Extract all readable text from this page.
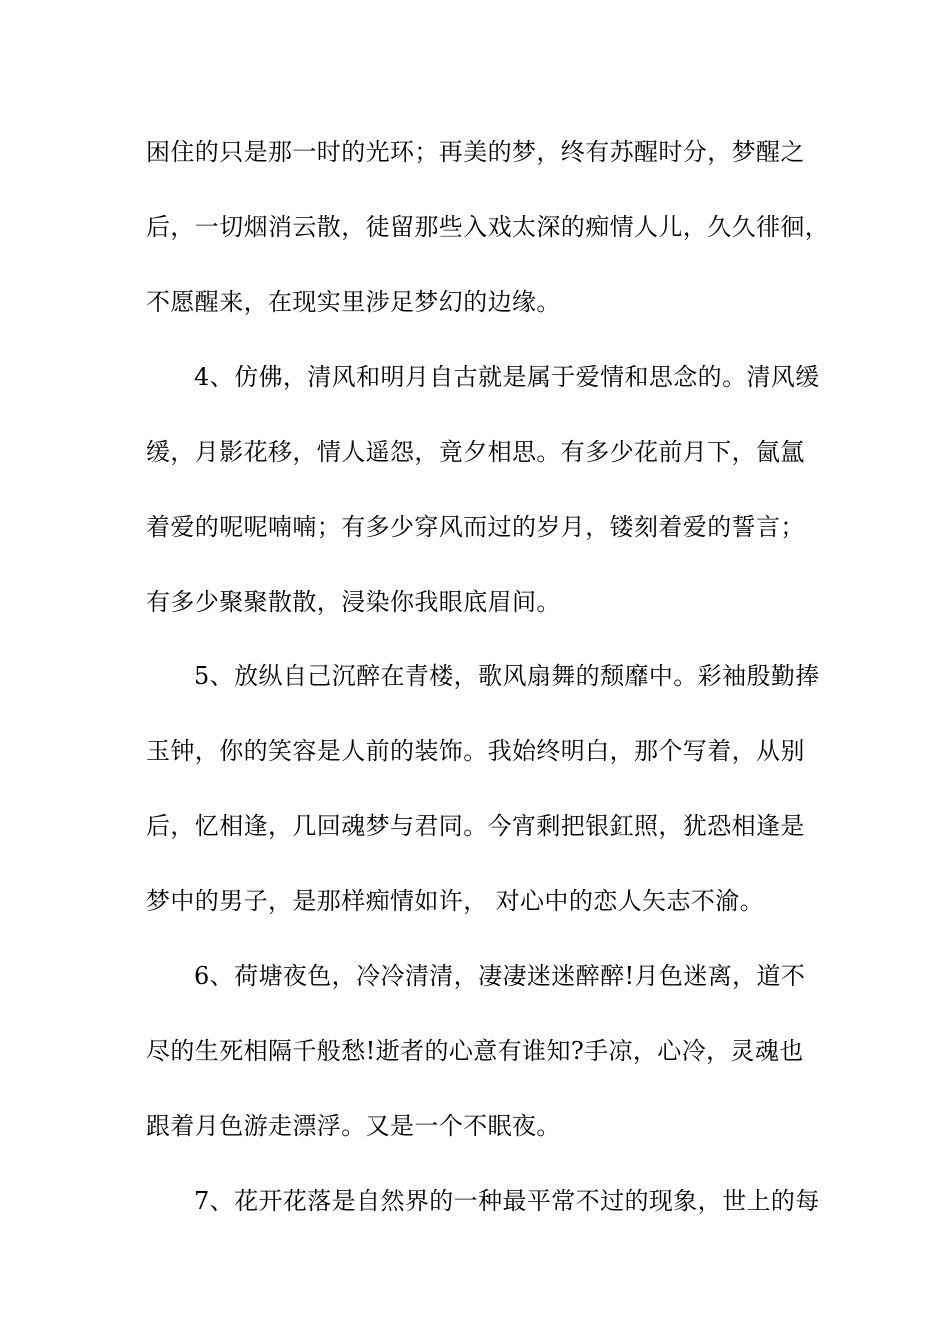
困住的只是那一时的光环；再美的梦，终有苏醒时分，梦醒之
后，一切烟消云散，徒留那些入戏太深的痴情人儿，久久徘徊，
不愿醒来，在现实里涉足梦幻的边缘。
4、仿佛，清风和明月自古就是属于爱情和思念的。清风缓
缓，月影花移，情人遥怨，竟夕相思。有多少花前月下，氤氲
着爱的呢呢喃喃；有多少穿风而过的岁月，镂刻着爱的誓言；
有多少聚聚散散，浸染你我眼底眉间。
5、放纵自己沉醉在青楼，歌风扇舞的颓靡中。彩袖殷勤捧
玉钟，你的笑容是人前的装饰。我始终明白，那个写着，从别
后，忆相逢，几回魂梦与君同。今宵剩把银釭照，犹恐相逢是
梦中的男子，是那样痴情如许， 对心中的恋人矢志不渝。
6、荷塘夜色，冷冷清清，凄凄迷迷醉醉!月色迷离，道不
尽的生死相隔千般愁!逝者的心意有谁知?手凉，心冷，灵魂也
跟着月色游走漂浮。又是一个不眠夜。
7、花开花落是自然界的一种最平常不过的现象，世上的每
